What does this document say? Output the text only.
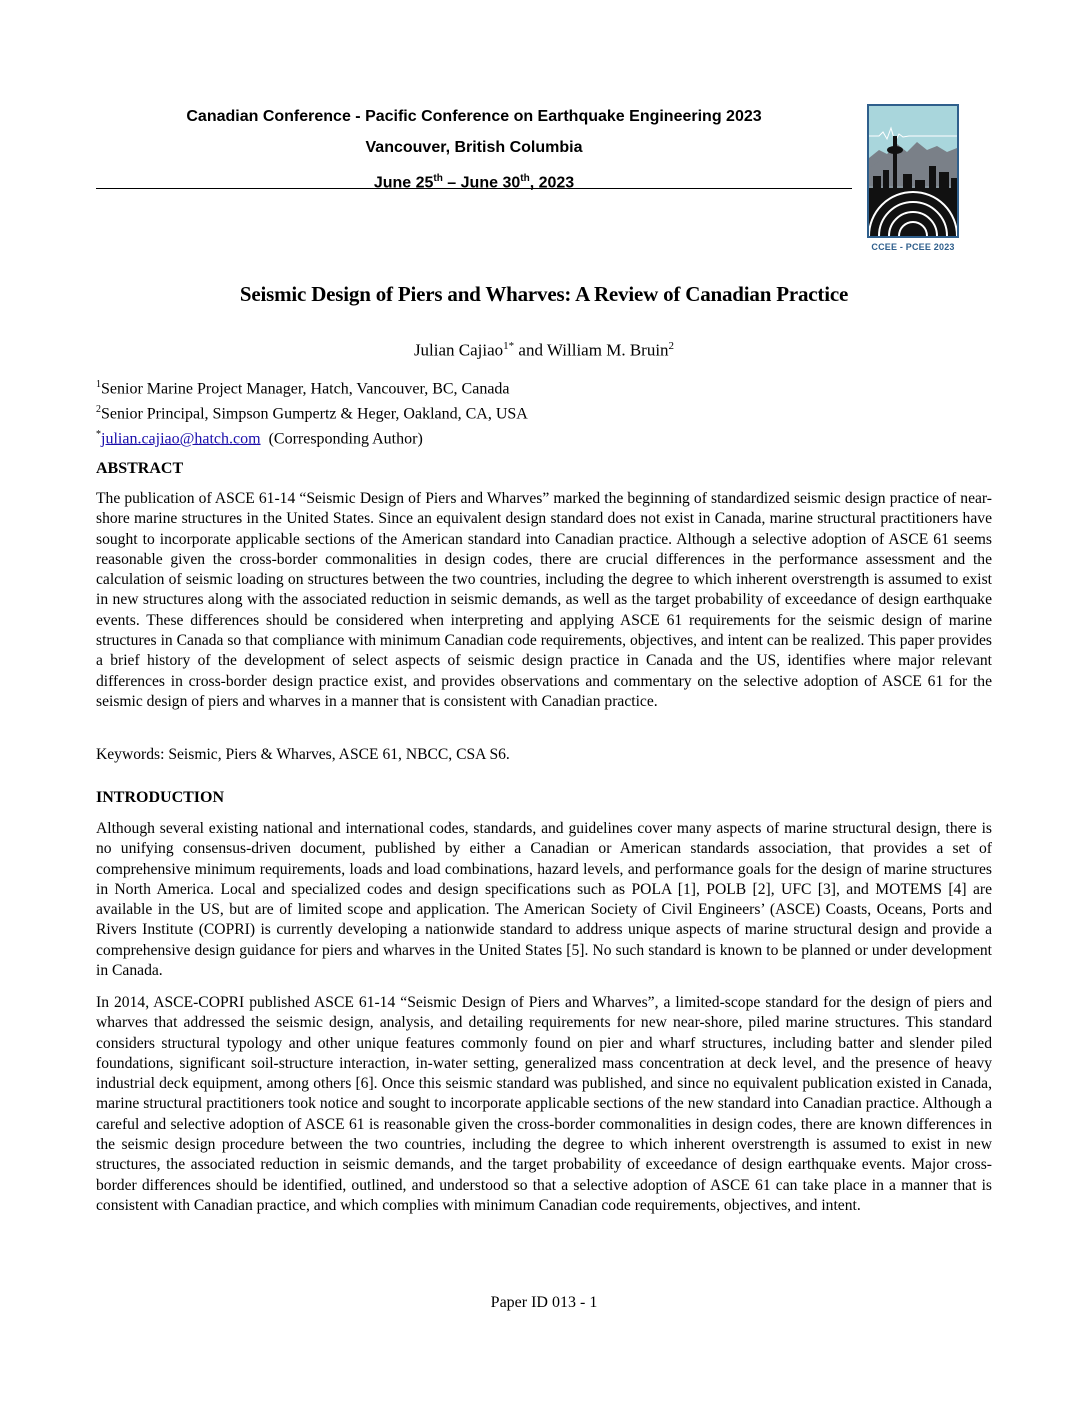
Canadian Conference - Pacific Conference on Earthquake Engineering 2023
Vancouver, British Columbia
June 25th – June 30th, 2023
CCEE - PCEE 2023
Seismic Design of Piers and Wharves: A Review of Canadian Practice
Julian Cajiao$^{1*}$ and William M. Bruin$^2$
$^1$Senior Marine Project Manager, Hatch, Vancouver, BC, Canada
$^2$Senior Principal, Simpson Gumpertz & Heger, Oakland, CA, USA
*julian.cajiao@hatch.com  (Corresponding Author)
ABSTRACT

The publication of ASCE 61-14 “Seismic Design of Piers and Wharves” marked the beginning of standardized seismic design practice of near-shore marine structures in the United States. Since an equivalent design standard does not exist in Canada, marine structural practitioners have sought to incorporate applicable sections of the American standard into Canadian practice. Although a selective adoption of ASCE 61 seems reasonable given the cross-border commonalities in design codes, there are crucial differences in the performance assessment and the calculation of seismic loading on structures between the two countries, including the degree to which inherent overstrength is assumed to exist in new structures along with the associated reduction in seismic demands, as well as the target probability of exceedance of design earthquake events. These differences should be considered when interpreting and applying ASCE 61 requirements for the seismic design of marine structures in Canada so that compliance with minimum Canadian code requirements, objectives, and intent can be realized. This paper provides a brief history of the development of select aspects of seismic design practice in Canada and the US, identifies where major relevant differences in cross-border design practice exist, and provides observations and commentary on the selective adoption of ASCE 61 for the seismic design of piers and wharves in a manner that is consistent with Canadian practice.

Keywords: Seismic, Piers & Wharves, ASCE 61, NBCC, CSA S6.
INTRODUCTION

Although several existing national and international codes, standards, and guidelines cover many aspects of marine structural design, there is no unifying consensus-driven document, published by either a Canadian or American standards association, that provides a set of comprehensive minimum requirements, loads and load combinations, hazard levels, and performance goals for the design of marine structures in North America. Local and specialized codes and design specifications such as POLA [1], POLB [2], UFC [3], and MOTEMS [4] are available in the US, but are of limited scope and application. The American Society of Civil Engineers’ (ASCE) Coasts, Oceans, Ports and Rivers Institute (COPRI) is currently developing a nationwide standard to address unique aspects of marine structural design and provide a comprehensive design guidance for piers and wharves in the United States [5]. No such standard is known to be planned or under development in Canada.

In 2014, ASCE-COPRI published ASCE 61-14 “Seismic Design of Piers and Wharves”, a limited-scope standard for the design of piers and wharves that addressed the seismic design, analysis, and detailing requirements for new near-shore, piled marine structures. This standard considers structural typology and other unique features commonly found on pier and wharf structures, including batter and slender piled foundations, significant soil-structure interaction, in-water setting, generalized mass concentration at deck level, and the presence of heavy industrial deck equipment, among others [6]. Once this seismic standard was published, and since no equivalent publication existed in Canada, marine structural practitioners took notice and sought to incorporate applicable sections of the new standard into Canadian practice. Although a careful and selective adoption of ASCE 61 is reasonable given the cross-border commonalities in design codes, there are known differences in the seismic design procedure between the two countries, including the degree to which inherent overstrength is assumed to exist in new structures, the associated reduction in seismic demands, and the target probability of exceedance of design earthquake events. Major cross-border differences should be identified, outlined, and understood so that a selective adoption of ASCE 61 can take place in a manner that is consistent with Canadian practice, and which complies with minimum Canadian code requirements, objectives, and intent.

Paper ID 013 - 1
